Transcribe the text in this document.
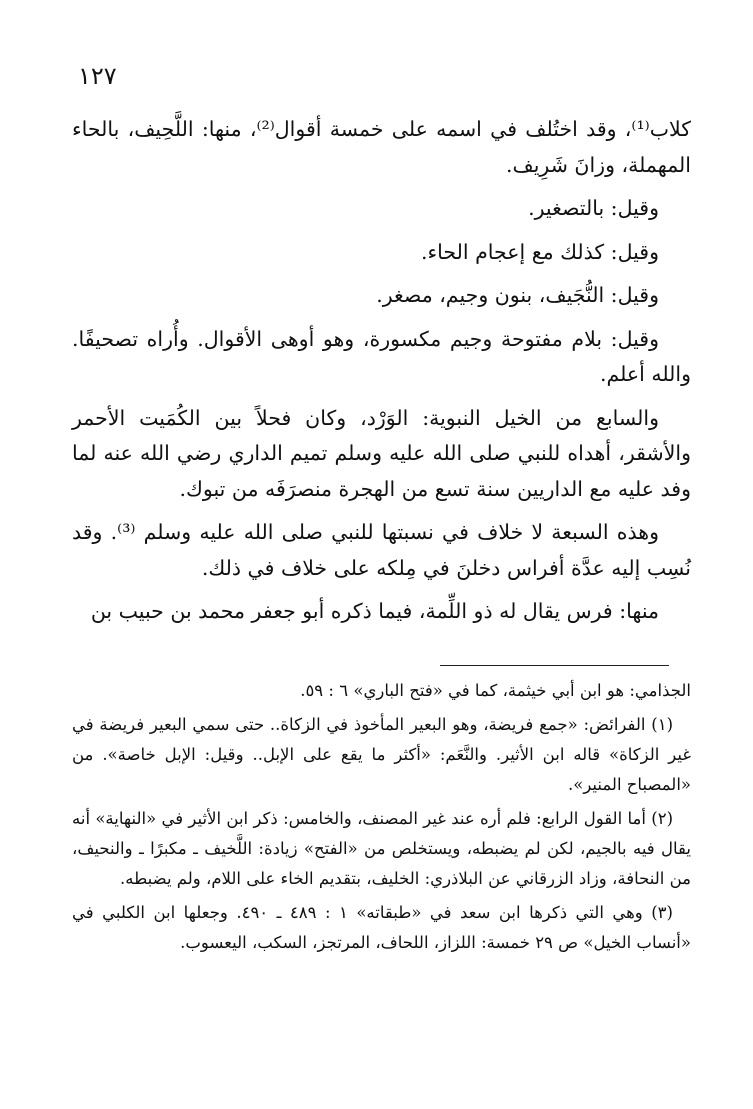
١٢٧

كلاب⁽¹⁾، وقد اختُلف في اسمه على خمسة أقوال⁽²⁾، منها: اللَّحِيف، بالحاء المهملة، وزانَ شَرِيف.

وقيل: بالتصغير.

وقيل: كذلك مع إعجام الحاء.

وقيل: النُّجَيف، بنون وجيم، مصغر.

وقيل: بلام مفتوحة وجيم مكسورة، وهو أوهى الأقوال. وأُراه تصحيفًا. والله أعلم.

والسابع من الخيل النبوية: الوَرْد، وكان فحلاً بين الكُمَيت الأحمر والأشقر، أهداه للنبي صلى الله عليه وسلم تميم الداري رضي الله عنه لما وفد عليه مع الداريين سنة تسع من الهجرة منصرَفَه من تبوك.

وهذه السبعة لا خلاف في نسبتها للنبي صلى الله عليه وسلم ⁽³⁾. وقد نُسِب إليه عدَّة أفراس دخلنَ في مِلكه على خلاف في ذلك.

منها: فرس يقال له ذو اللِّمة، فيما ذكره أبو جعفر محمد بن حبيب بن

الجذامي: هو ابن أبي خيثمة، كما في «فتح الباري» ٦ : ٥٩.

(١) الفرائض: «جمع فريضة، وهو البعير المأخوذ في الزكاة.. حتى سمي البعير فريضة في غير الزكاة» قاله ابن الأثير. والنَّعَم: «أكثر ما يقع على الإبل.. وقيل: الإبل خاصة». من «المصباح المنير».

(٢) أما القول الرابع: فلم أره عند غير المصنف، والخامس: ذكر ابن الأثير في «النهاية» أنه يقال فيه بالجيم، لكن لم يضبطه، ويستخلص من «الفتح» زيادة: اللَّخيف ـ مكبرًا ـ والنحيف، من النحافة، وزاد الزرقاني عن البلاذري: الخليف، بتقديم الخاء على اللام، ولم يضبطه.

(٣) وهي التي ذكرها ابن سعد في «طبقاته» ١ : ٤٨٩ ـ ٤٩٠. وجعلها ابن الكلبي في «أنساب الخيل» ص ٢٩ خمسة: اللزاز، اللحاف، المرتجز، السكب، اليعسوب.
